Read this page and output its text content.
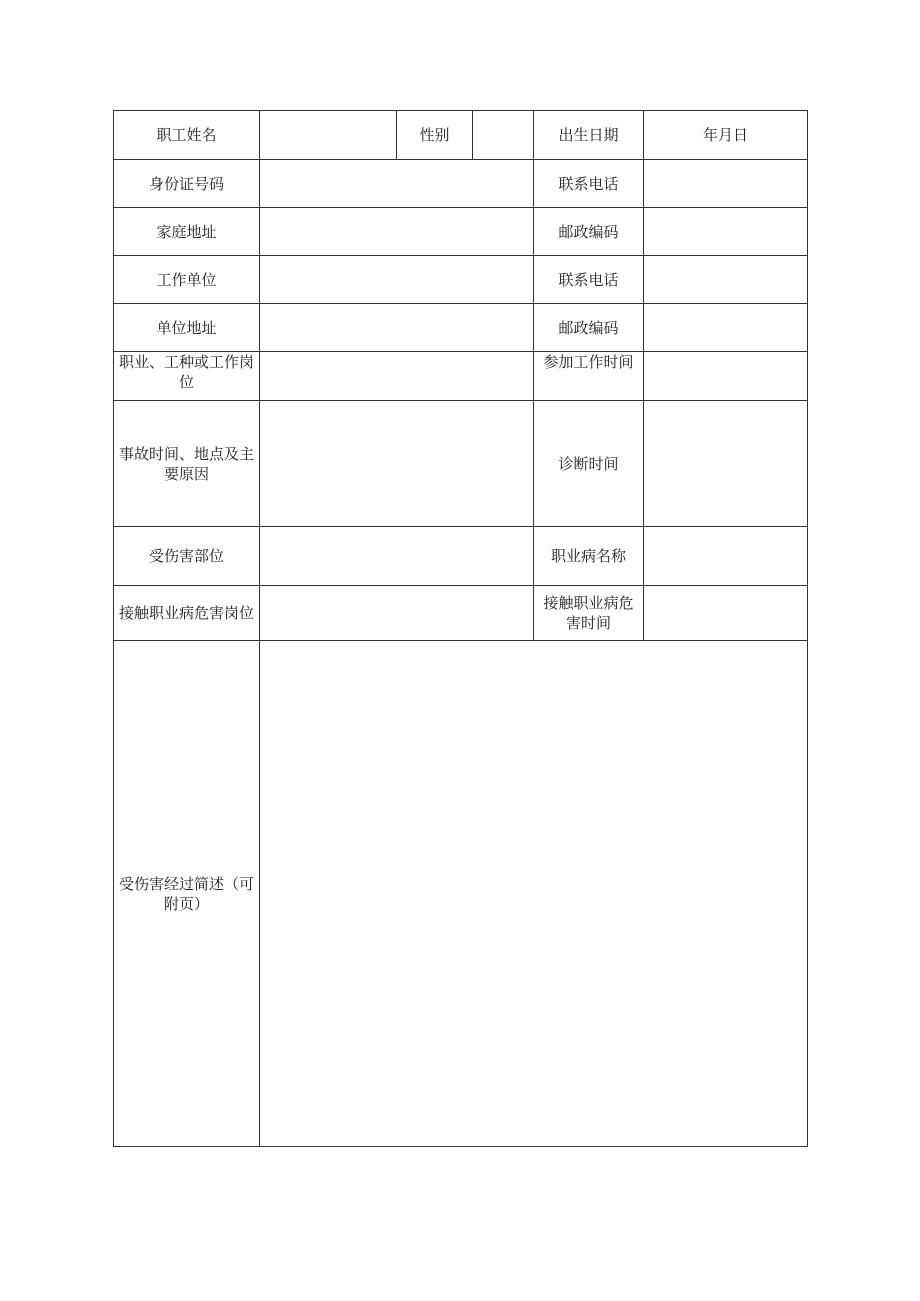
职工姓名		性别		出生日期	年月日

身份证号码				联系电话	

家庭地址				邮政编码	

工作单位				联系电话	

单位地址				邮政编码	

职业、工种或工作岗位				参加工作时间	

事故时间、地点及主要原因				诊断时间	

受伤害部位				职业病名称	

接触职业病危害岗位				接触职业病危害时间	

受伤害经过简述（可附页）					
